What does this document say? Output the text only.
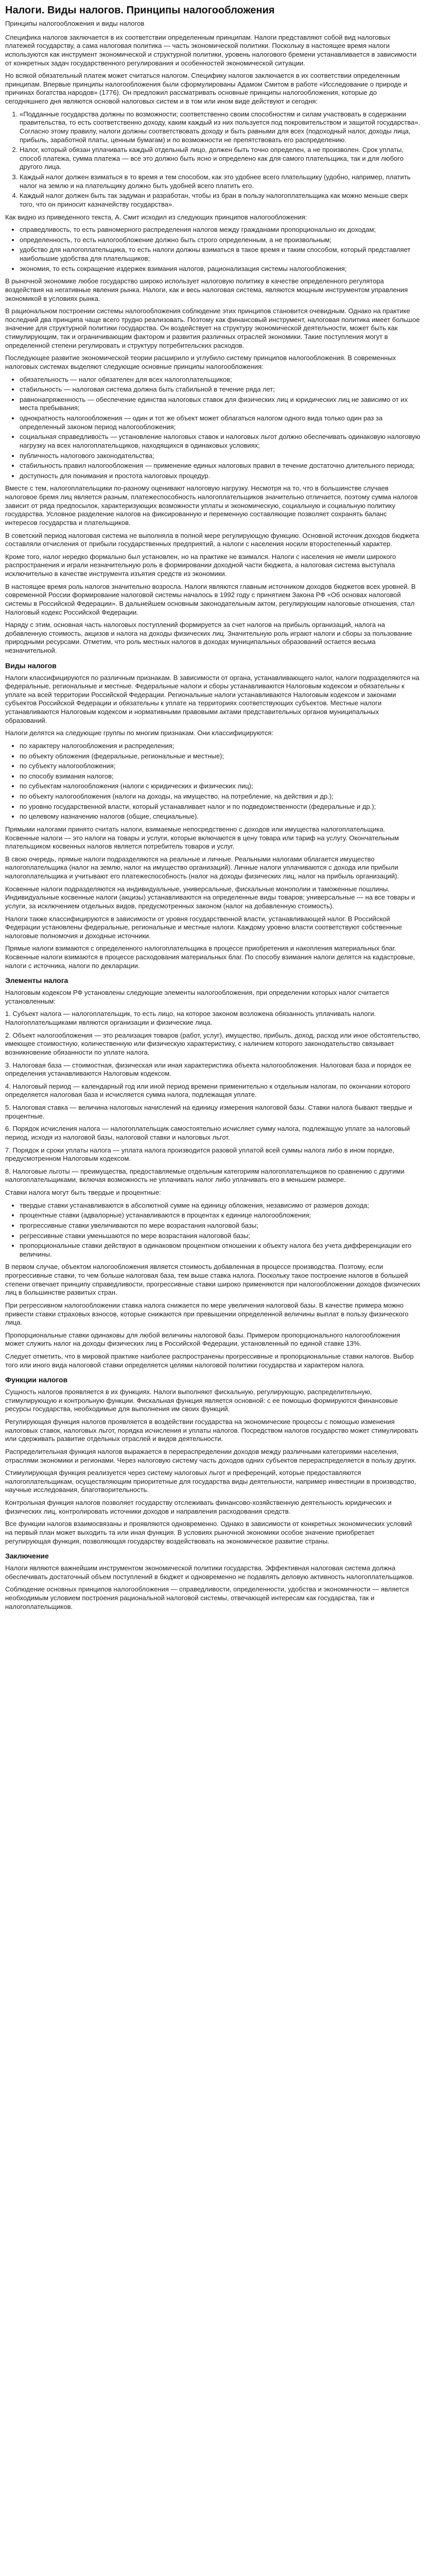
Налоги. Виды налогов. Принципы налогообложения
Принципы налогообложения и виды налогов

Специфика налогов заключается в их соответствии определенным принципам. Налоги представляют собой вид налоговых платежей государству, а сама налоговая политика — часть экономической политики. Поскольку в настоящее время налоги используются как инструмент экономической и структурной политики, уровень налогового бремени устанавливается в зависимости от конкретных задач государственного регулирования и особенностей экономической ситуации.

Но всякой обязательный платеж может считаться налогом. Специфику налогов заключается в их соответствии определенным принципам. Впервые принципы налогообложения были сформулированы Адамом Смитом в работе «Исследование о природе и причинах богатства народов» (1776). Он предложил рассматривать основные принципы налогообложения, которые до сегодняшнего дня являются основой налоговых систем и в том или ином виде действуют и сегодня:

1. «Подданные государства должны по возможности; соответственно своим способностям и силам участвовать в содержании правительства, то есть соответственно доходу, каким каждый из них пользуется под покровительством и защитой государства». Согласно этому правилу, налоги должны соответствовать доходу и быть равными для всех (подоходный налог, доходы лица, прибыль, заработной платы, ценным бумагам) и по возможности не препятствовать его распределению.
2. Налог, который обязан уплачивать каждый отдельный лицо, должен быть точно определен, а не произволен. Срок уплаты, способ платежа, сумма платежа — все это должно быть ясно и определено как для самого плательщика, так и для любого другого лица.
3. Каждый налог должен взиматься в то время и тем способом, как это удобнее всего плательщику (удобно, например, платить налог на землю и на плательщику должно быть удобней всего платить его.
4. Каждый налог должен быть так задуман и разработан, чтобы из бран в пользу налогоплательщика как можно меньше сверх того, что он приносит казначейству государства».

Как видно из приведенного текста, А. Смит исходил из следующих принципов налогообложения:

• справедливость, то есть равномерного распределения налогов между гражданами пропорционально их доходам;
• определенность, то есть налогообложение должно быть строго определенным, а не произвольным;
• удобство для налогоплательщика, то есть налоги должны взиматься в такое время и таким способом, который представляет наибольшие удобства для плательщиков;
• экономия, то есть сокращение издержек взимания налогов, рационализация системы налогообложения;

В рыночной экономике любое государство широко использует налоговую политику в качестве определенного регулятора воздействия на негативные явления рынка. Налоги, как и весь налоговая система, являются мощным инструментом управления экономикой в условиях рынка.

В рациональном построении системы налогообложения соблюдение этих принципов становится очевидным. Однако на практике последний два принципа чаще всего трудно реализовать. Поэтому как финансовый инструмент, налоговая политика имеет большое значение для структурной политики государства. Он воздействует на структуру экономической деятельности, может быть как стимулирующим, так и ограничивающим фактором и развития различных отраслей экономики. Такие поступления могут в определенной степени регулировать и структуру потребительских расходов.

Последующее развитие экономической теории расширило и углубило систему принципов налогообложения. В современных налоговых системах выделяют следующие основные принципы налогообложения:

• обязательность — налог обязателен для всех налогоплательщиков;
• стабильность — налоговая система должна быть стабильной в течение ряда лет;
• равнонапряженность — обеспечение единства налоговых ставок для физических лиц и юридических лиц не зависимо от их места пребывания;
• однократность налогообложения — один и тот же объект может облагаться налогом одного вида только один раз за определенный законом период налогообложения;
• социальная справедливость — установление налоговых ставок и налоговых льгот должно обеспечивать одинаковую налоговую нагрузку на всех налогоплательщиков, находящихся в одинаковых условиях;
• публичность налогового законодательства;
• стабильность правил налогообложения — применение единых налоговых правил в течение достаточно длительного периода;
• доступность для понимания и простота налоговых процедур.

Вместе с тем, налогоплательщики по-разному оценивают налоговую нагрузку. Несмотря на то, что в большинстве случаев налоговое бремя лиц является разным, платежеспособность налогоплательщиков значительно отличается, поэтому сумма налогов зависит от ряда предпосылок, характеризующих возможности уплаты и экономическую, социальную и социальную политику государства. Условное разделение налогов на фиксированную и переменную составляющие позволяет сохранять баланс интересов государства и плательщиков.

В советский период налоговая система не выполняла в полной мере регулирующую функцию. Основной источник доходов бюджета составляли отчисления от прибыли государственных предприятий, а налоги с населения носили второстепенный характер.

Кроме того, налог нередко формально был установлен, но на практике не взимался. Налоги с населения не имели широкого распространения и играли незначительную роль в формировании доходной части бюджета, а налоговая система выступала исключительно в качестве инструмента изъятия средств из экономики.

В настоящее время роль налогов значительно возросла. Налоги являются главным источником доходов бюджетов всех уровней. В современной России формирование налоговой системы началось в 1992 году с принятием Закона РФ «Об основах налоговой системы в Российской Федерации». В дальнейшем основным законодательным актом, регулирующим налоговые отношения, стал Налоговый кодекс Российской Федерации.

Наряду с этим, основная часть налоговых поступлений формируется за счет налогов на прибыль организаций, налога на добавленную стоимость, акцизов и налога на доходы физических лиц. Значительную роль играют налоги и сборы за пользование природными ресурсами. Отметим, что роль местных налогов в доходах муниципальных образований остается весьма незначительной.

Виды налогов

Налоги классифицируются по различным признакам. В зависимости от органа, устанавливающего налог, налоги подразделяются на федеральные, региональные и местные. Федеральные налоги и сборы устанавливаются Налоговым кодексом и обязательны к уплате на всей территории Российской Федерации. Региональные налоги устанавливаются Налоговым кодексом и законами субъектов Российской Федерации и обязательны к уплате на территориях соответствующих субъектов. Местные налоги устанавливаются Налоговым кодексом и нормативными правовыми актами представительных органов муниципальных образований.

Налоги делятся на следующие группы по многим признакам. Они классифицируются:

• по характеру налогообложения и распределения;
• по объекту обложения (федеральные, региональные и местные);
• по субъекту налогообложения;
• по способу взимания налогов;
• по субъектам налогообложения (налоги с юридических и физических лиц);
• по объекту налогообложения (налоги на доходы, на имущество, на потребление, на действия и др.);
• по уровню государственной власти, который устанавливает налог и по подведомственности (федеральные и др.);
• по целевому назначению налогов (общие, специальные).

Прямыми налогами принято считать налоги, взимаемые непосредственно с доходов или имущества налогоплательщика. Косвенные налоги — это налоги на товары и услуги, которые включаются в цену товара или тариф на услугу. Окончательным плательщиком косвенных налогов является потребитель товаров и услуг.

В свою очередь, прямые налоги подразделяются на реальные и личные. Реальными налогами облагается имущество налогоплательщика (налог на землю, налог на имущество организаций). Личные налоги уплачиваются с дохода или прибыли налогоплательщика и учитывают его платежеспособность (налог на доходы физических лиц, налог на прибыль организаций).

Косвенные налоги подразделяются на индивидуальные, универсальные, фискальные монополии и таможенные пошлины. Индивидуальные косвенные налоги (акцизы) устанавливаются на определенные виды товаров; универсальные — на все товары и услуги, за исключением отдельных видов, предусмотренных законом (налог на добавленную стоимость).

Налоги также классифицируются в зависимости от уровня государственной власти, устанавливающей налог. В Российской Федерации установлены федеральные, региональные и местные налоги. Каждому уровню власти соответствуют собственные налоговые полномочия и доходные источники.

Прямые налоги взимаются с определенного налогоплательщика в процессе приобретения и накопления материальных благ. Косвенные налоги взимаются в процессе расходования материальных благ. По способу взимания налоги делятся на кадастровые, налоги с источника, налоги по декларации.

Элементы налога

Налоговым кодексом РФ установлены следующие элементы налогообложения, при определении которых налог считается установленным:

1. Субъект налога — налогоплательщик, то есть лицо, на которое законом возложена обязанность уплачивать налоги. Налогоплательщиками являются организации и физические лица.

2. Объект налогообложения — это реализация товаров (работ, услуг), имущество, прибыль, доход, расход или иное обстоятельство, имеющее стоимостную, количественную или физическую характеристику, с наличием которого законодательство связывает возникновение обязанности по уплате налога.

3. Налоговая база — стоимостная, физическая или иная характеристика объекта налогообложения. Налоговая база и порядок ее определения устанавливаются Налоговым кодексом.

4. Налоговый период — календарный год или иной период времени применительно к отдельным налогам, по окончании которого определяется налоговая база и исчисляется сумма налога, подлежащая уплате.

5. Налоговая ставка — величина налоговых начислений на единицу измерения налоговой базы. Ставки налога бывают твердые и процентные.

6. Порядок исчисления налога — налогоплательщик самостоятельно исчисляет сумму налога, подлежащую уплате за налоговый период, исходя из налоговой базы, налоговой ставки и налоговых льгот.

7. Порядок и сроки уплаты налога — уплата налога производится разовой уплатой всей суммы налога либо в ином порядке, предусмотренном Налоговым кодексом.

8. Налоговые льготы — преимущества, предоставляемые отдельным категориям налогоплательщиков по сравнению с другими налогоплательщиками, включая возможность не уплачивать налог либо уплачивать его в меньшем размере.

Ставки налога могут быть твердые и процентные:

• твердые ставки устанавливаются в абсолютной сумме на единицу обложения, независимо от размеров дохода;
• процентные ставки (адвалорные) устанавливаются в процентах к единице налогообложения;
• прогрессивные ставки увеличиваются по мере возрастания налоговой базы;
• регрессивные ставки уменьшаются по мере возрастания налоговой базы;
• пропорциональные ставки действуют в одинаковом процентном отношении к объекту налога без учета дифференциации его величины.

В первом случае, объектом налогообложения является стоимость добавленная в процессе производства. Поэтому, если прогрессивные ставки, то чем больше налоговая база, тем выше ставка налога. Поскольку такое построение налогов в большей степени отвечает принципу справедливости, прогрессивные ставки широко применяются при налогообложении доходов физических лиц в большинстве развитых стран.

При регрессивном налогообложении ставка налога снижается по мере увеличения налоговой базы. В качестве примера можно привести ставки страховых взносов, которые снижаются при превышении определенной величины выплат в пользу физического лица.

Пропорциональные ставки одинаковы для любой величины налоговой базы. Примером пропорционального налогообложения может служить налог на доходы физических лиц в Российской Федерации, установленный по единой ставке 13%.

Следует отметить, что в мировой практике наиболее распространены прогрессивные и пропорциональные ставки налогов. Выбор того или иного вида налоговой ставки определяется целями налоговой политики государства и характером налога.

Функции налогов

Сущность налогов проявляется в их функциях. Налоги выполняют фискальную, регулирующую, распределительную, стимулирующую и контрольную функции. Фискальная функция является основной: с ее помощью формируются финансовые ресурсы государства, необходимые для выполнения им своих функций.

Регулирующая функция налогов проявляется в воздействии государства на экономические процессы с помощью изменения налоговых ставок, налоговых льгот, порядка исчисления и уплаты налогов. Посредством налогов государство может стимулировать или сдерживать развитие отдельных отраслей и видов деятельности.

Распределительная функция налогов выражается в перераспределении доходов между различными категориями населения, отраслями экономики и регионами. Через налоговую систему часть доходов одних субъектов перераспределяется в пользу других.

Стимулирующая функция реализуется через систему налоговых льгот и преференций, которые предоставляются налогоплательщикам, осуществляющим приоритетные для государства виды деятельности, например инвестиции в производство, научные исследования, благотворительность.

Контрольная функция налогов позволяет государству отслеживать финансово-хозяйственную деятельность юридических и физических лиц, контролировать источники доходов и направления расходования средств.

Все функции налогов взаимосвязаны и проявляются одновременно. Однако в зависимости от конкретных экономических условий на первый план может выходить та или иная функция. В условиях рыночной экономики особое значение приобретает регулирующая функция, позволяющая государству воздействовать на экономическое развитие страны.

Заключение

Налоги являются важнейшим инструментом экономической политики государства. Эффективная налоговая система должна обеспечивать достаточный объем поступлений в бюджет и одновременно не подавлять деловую активность налогоплательщиков.

Соблюдение основных принципов налогообложения — справедливости, определенности, удобства и экономичности — является необходимым условием построения рациональной налоговой системы, отвечающей интересам как государства, так и налогоплательщиков.
